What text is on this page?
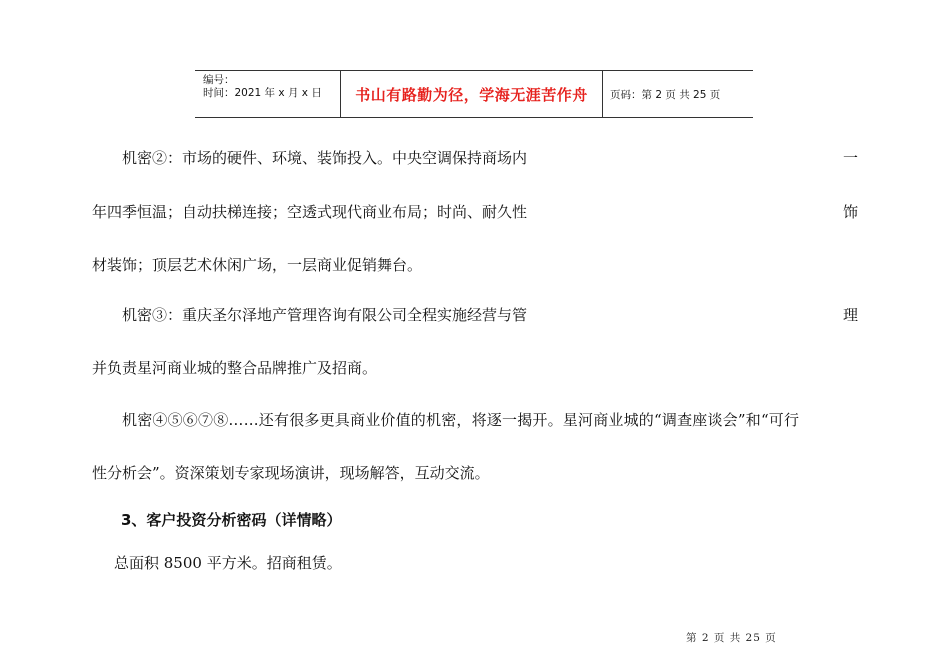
编号：
时间：2021 年 x 月 x 日	书山有路勤为径，学海无涯苦作舟	页码：第 2 页 共 25 页
机密②：市场的硬件、环境、装饰投入。中央空调保持商场内	一
年四季恒温；自动扶梯连接；空透式现代商业布局；时尚、耐久性	饰
材装饰；顶层艺术休闲广场，一层商业促销舞台。
机密③：重庆圣尔泽地产管理咨询有限公司全程实施经营与管	理
并负责星河商业城的整合品牌推广及招商。
机密④⑤⑥⑦⑧……还有很多更具商业价值的机密，将逐一揭开。星河商业城的“调查座谈会”和“可行
性分析会”。资深策划专家现场演讲，现场解答，互动交流。
3、客户投资分析密码（详情略）
总面积 8500 平方米。招商租赁。
第 2 页 共 25 页
